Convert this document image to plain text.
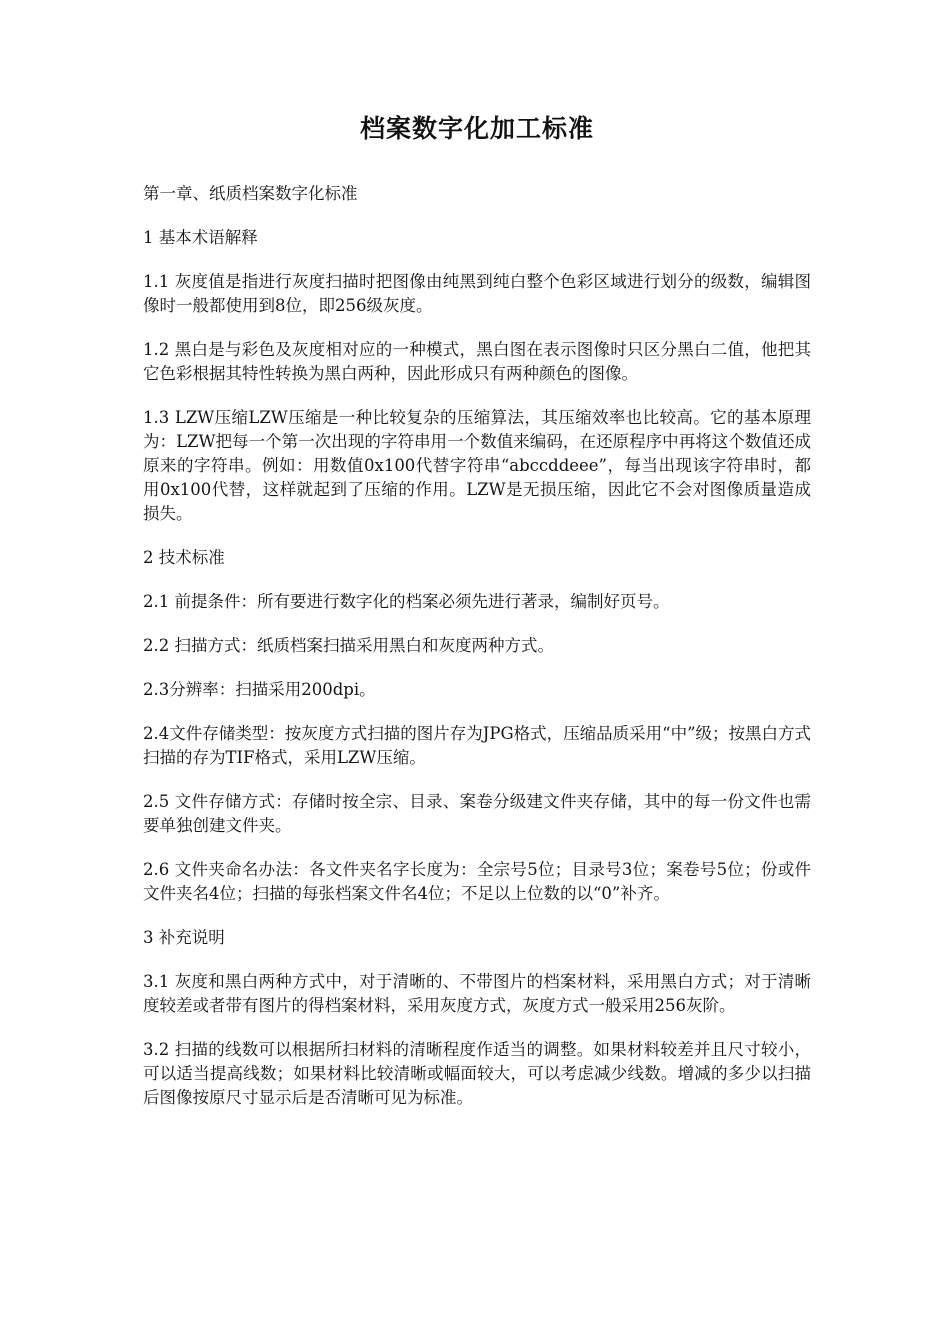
档案数字化加工标准

第一章、纸质档案数字化标准

1 基本术语解释

1.1 灰度值是指进行灰度扫描时把图像由纯黑到纯白整个色彩区域进行划分的级数，编辑图像时一般都使用到8位，即256级灰度。

1.2 黑白是与彩色及灰度相对应的一种模式，黑白图在表示图像时只区分黑白二值，他把其它色彩根据其特性转换为黑白两种，因此形成只有两种颜色的图像。

1.3 LZW压缩LZW压缩是一种比较复杂的压缩算法，其压缩效率也比较高。它的基本原理为：LZW把每一个第一次出现的字符串用一个数值来编码，在还原程序中再将这个数值还成原来的字符串。例如：用数值0x100代替字符串“abccddeee”，每当出现该字符串时，都用0x100代替，这样就起到了压缩的作用。LZW是无损压缩，因此它不会对图像质量造成损失。

2 技术标准

2.1 前提条件：所有要进行数字化的档案必须先进行著录，编制好页号。

2.2 扫描方式：纸质档案扫描采用黑白和灰度两种方式。

2.3分辨率：扫描采用200dpi。

2.4文件存储类型：按灰度方式扫描的图片存为JPG格式，压缩品质采用“中”级；按黑白方式扫描的存为TIF格式，采用LZW压缩。

2.5 文件存储方式：存储时按全宗、目录、案卷分级建文件夹存储，其中的每一份文件也需要单独创建文件夹。

2.6 文件夹命名办法：各文件夹名字长度为：全宗号5位；目录号3位；案卷号5位；份或件文件夹名4位；扫描的每张档案文件名4位；不足以上位数的以“0”补齐。

3 补充说明

3.1 灰度和黑白两种方式中，对于清晰的、不带图片的档案材料，采用黑白方式；对于清晰度较差或者带有图片的得档案材料，采用灰度方式，灰度方式一般采用256灰阶。

3.2 扫描的线数可以根据所扫材料的清晰程度作适当的调整。如果材料较差并且尺寸较小，可以适当提高线数；如果材料比较清晰或幅面较大，可以考虑减少线数。增减的多少以扫描后图像按原尺寸显示后是否清晰可见为标准。
